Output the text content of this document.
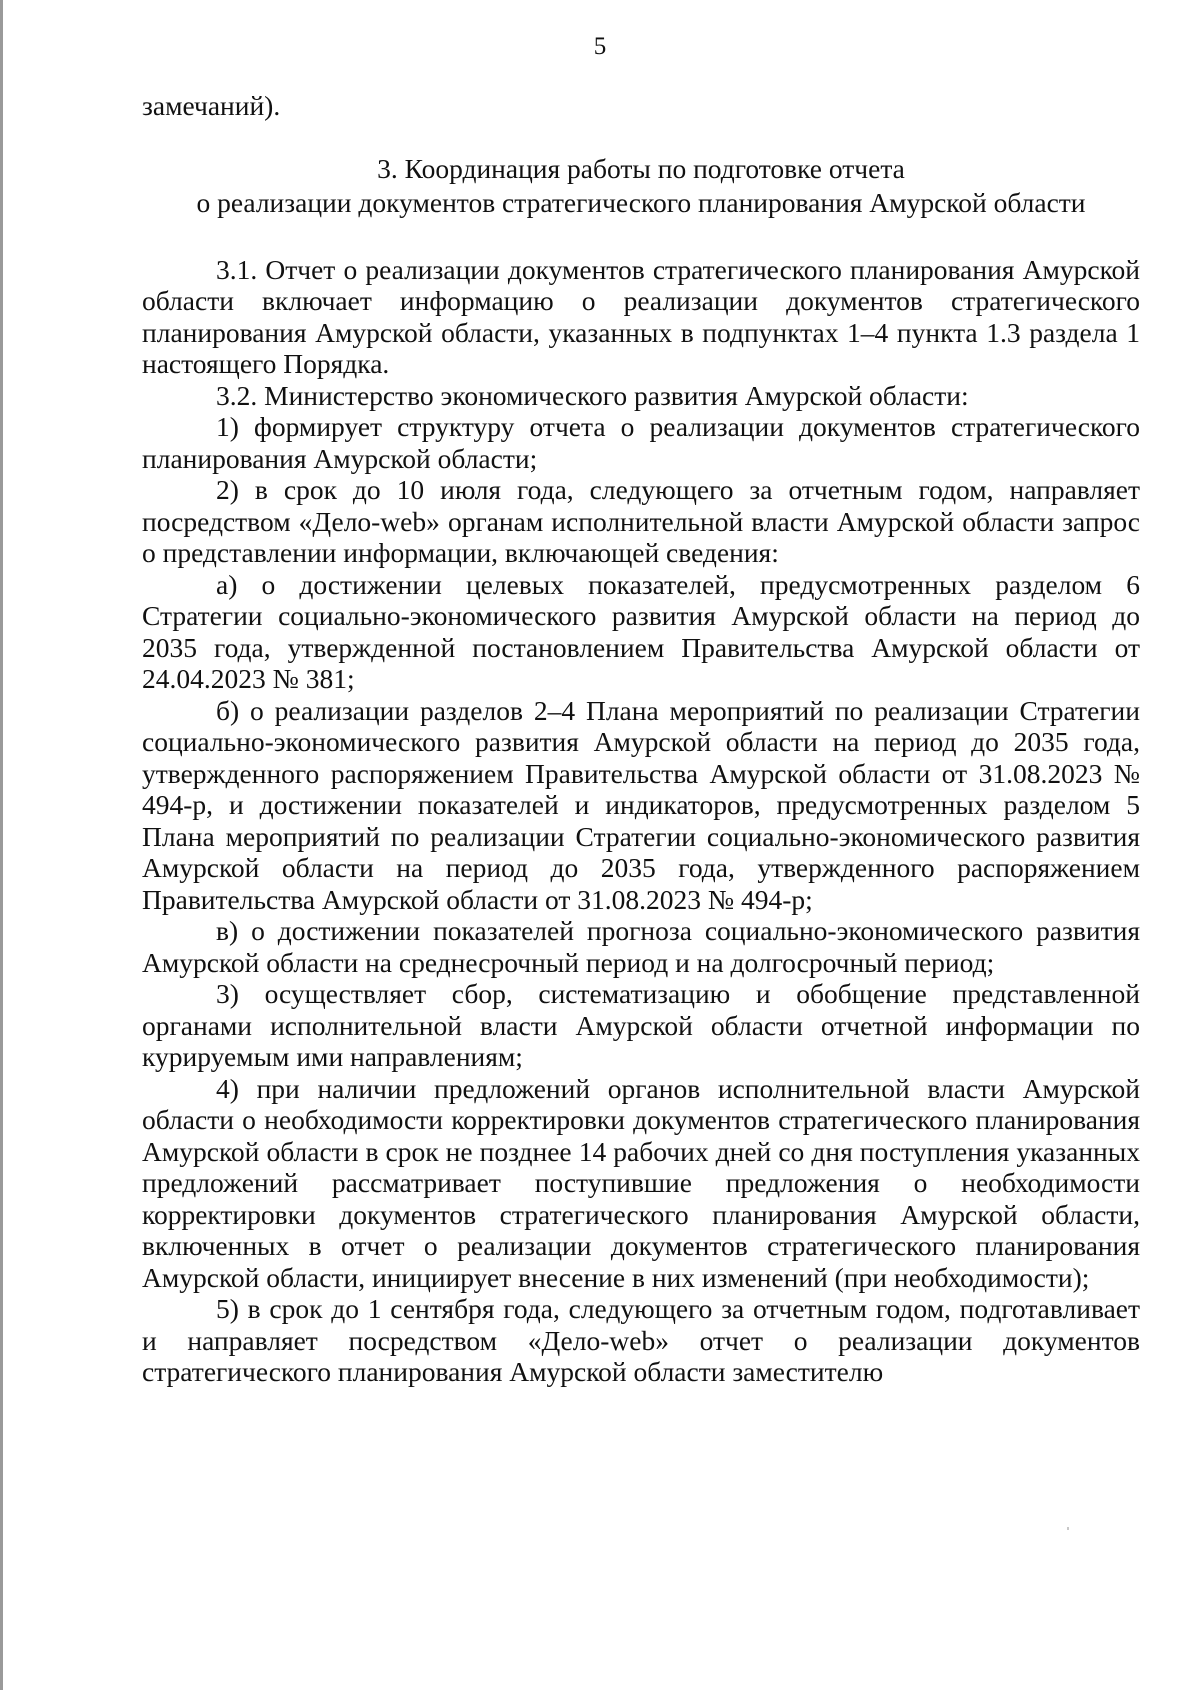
5

замечаний).

3. Координация работы по подготовке отчета
о реализации документов стратегического планирования Амурской области

3.1. Отчет о реализации документов стратегического планирования Амурской области включает информацию о реализации документов стратегического планирования Амурской области, указанных в подпунктах 1–4 пункта 1.3 раздела 1 настоящего Порядка.

3.2. Министерство экономического развития Амурской области:

1) формирует структуру отчета о реализации документов стратегического планирования Амурской области;

2) в срок до 10 июля года, следующего за отчетным годом, направляет посредством «Дело-web» органам исполнительной власти Амурской области запрос о представлении информации, включающей сведения:

а) о достижении целевых показателей, предусмотренных разделом 6 Стратегии социально-экономического развития Амурской области на период до 2035 года, утвержденной постановлением Правительства Амурской области от 24.04.2023 № 381;

б) о реализации разделов 2–4 Плана мероприятий по реализации Стратегии социально-экономического развития Амурской области на период до 2035 года, утвержденного распоряжением Правительства Амурской области от 31.08.2023 № 494-р, и достижении показателей и индикаторов, предусмотренных разделом 5 Плана мероприятий по реализации Стратегии социально-экономического развития Амурской области на период до 2035 года, утвержденного распоряжением Правительства Амурской области от 31.08.2023 № 494-р;

в) о достижении показателей прогноза социально-экономического развития Амурской области на среднесрочный период и на долгосрочный период;

3) осуществляет сбор, систематизацию и обобщение представленной органами исполнительной власти Амурской области отчетной информации по курируемым ими направлениям;

4) при наличии предложений органов исполнительной власти Амурской области о необходимости корректировки документов стратегического планирования Амурской области в срок не позднее 14 рабочих дней со дня поступления указанных предложений рассматривает поступившие предложения о необходимости корректировки документов стратегического планирования Амурской области, включенных в отчет о реализации документов стратегического планирования Амурской области, инициирует внесение в них изменений (при необходимости);

5) в срок до 1 сентября года, следующего за отчетным годом, подготавливает и направляет посредством «Дело-web» отчет о реализации документов стратегического планирования Амурской области заместителю
